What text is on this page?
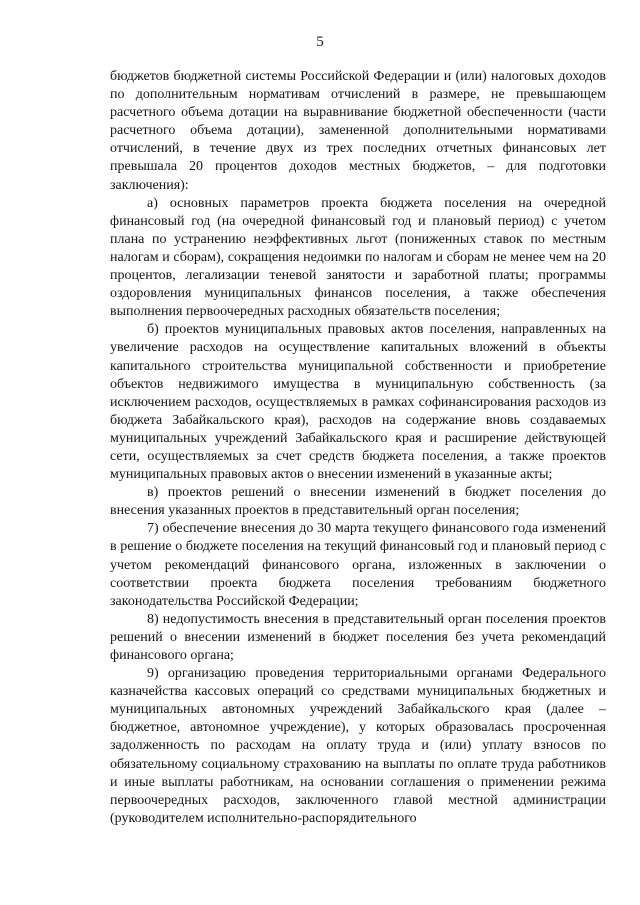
5

бюджетов бюджетной системы Российской Федерации и (или) налоговых доходов по дополнительным нормативам отчислений в размере, не превышающем расчетного объема дотации на выравнивание бюджетной обеспеченности (части расчетного объема дотации), замененной дополнительными нормативами отчислений, в течение двух из трех последних отчетных финансовых лет превышала 20 процентов доходов местных бюджетов, – для подготовки заключения):

а) основных параметров проекта бюджета поселения на очередной финансовый год (на очередной финансовый год и плановый период) с учетом плана по устранению неэффективных льгот (пониженных ставок по местным налогам и сборам), сокращения недоимки по налогам и сборам не менее чем на 20 процентов, легализации теневой занятости и заработной платы; программы оздоровления муниципальных финансов поселения, а также обеспечения выполнения первоочередных расходных обязательств поселения;

б) проектов муниципальных правовых актов поселения, направленных на увеличение расходов на осуществление капитальных вложений в объекты капитального строительства муниципальной собственности и приобретение объектов недвижимого имущества в муниципальную собственность (за исключением расходов, осуществляемых в рамках софинансирования расходов из бюджета Забайкальского края), расходов на содержание вновь создаваемых муниципальных учреждений Забайкальского края и расширение действующей сети, осуществляемых за счет средств бюджета поселения, а также проектов муниципальных правовых актов о внесении изменений в указанные акты;

в) проектов решений о внесении изменений в бюджет поселения до внесения указанных проектов в представительный орган поселения;

7) обеспечение внесения до 30 марта текущего финансового года изменений в решение о бюджете поселения на текущий финансовый год и плановый период с учетом рекомендаций финансового органа, изложенных в заключении о соответствии проекта бюджета поселения требованиям бюджетного законодательства Российской Федерации;

8) недопустимость внесения в представительный орган поселения проектов решений о внесении изменений в бюджет поселения без учета рекомендаций финансового органа;

9) организацию проведения территориальными органами Федерального казначейства кассовых операций со средствами муниципальных бюджетных и муниципальных автономных учреждений Забайкальского края (далее – бюджетное, автономное учреждение), у которых образовалась просроченная задолженность по расходам на оплату труда и (или) уплату взносов по обязательному социальному страхованию на выплаты по оплате труда работников и иные выплаты работникам, на основании соглашения о применении режима первоочередных расходов, заключенного главой местной администрации (руководителем исполнительно-распорядительного
